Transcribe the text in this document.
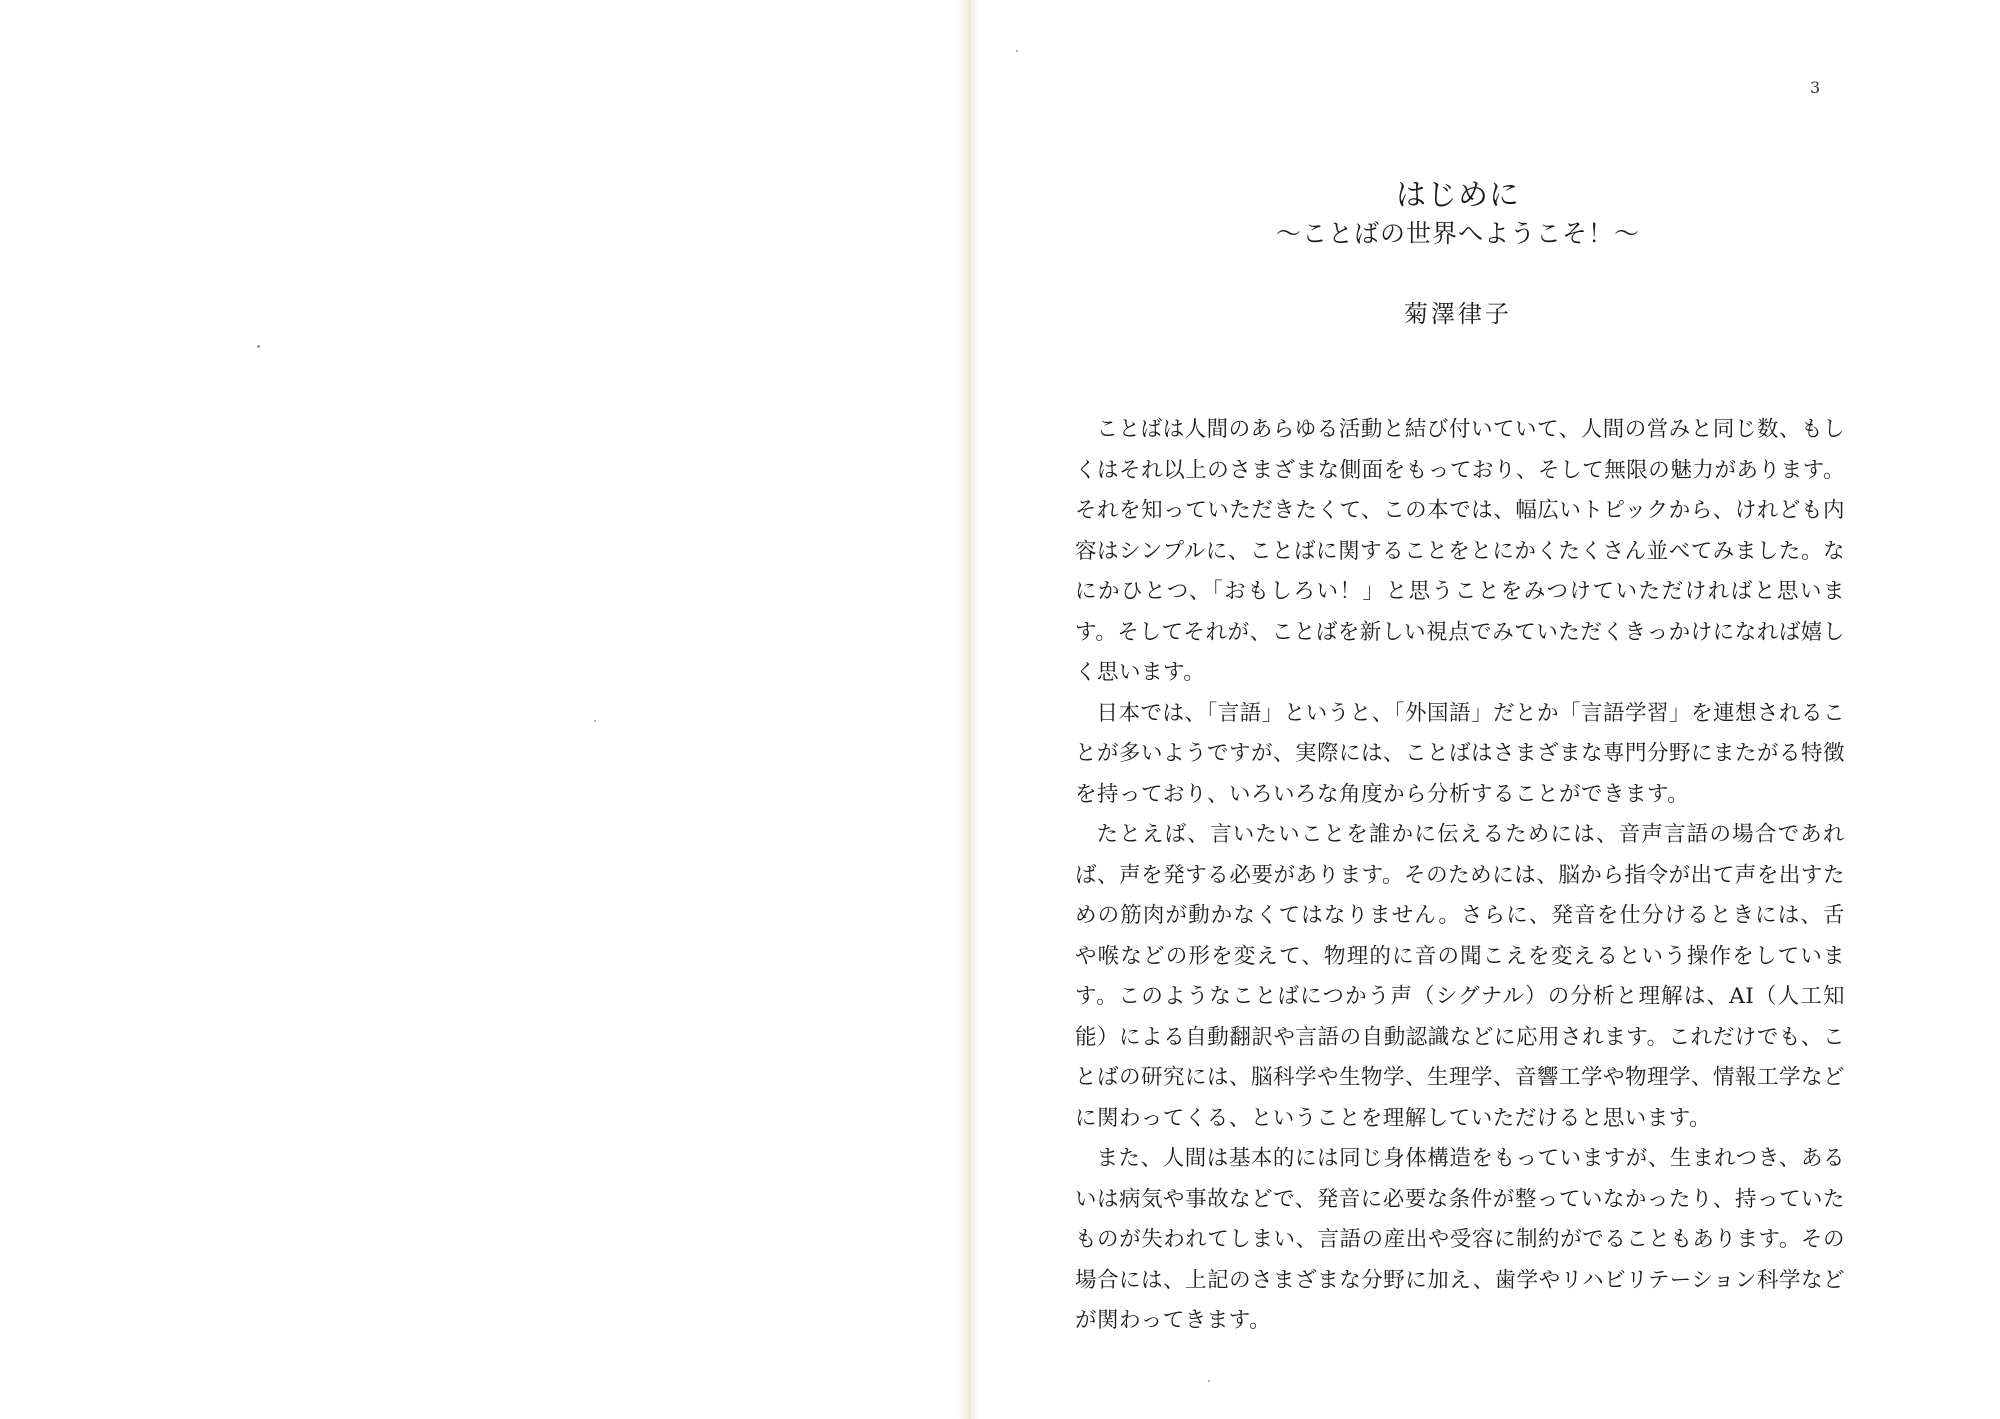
3
はじめに
～ことばの世界へようこそ！～
菊澤律子

ことばは人間のあらゆる活動と結び付いていて、人間の営みと同じ数、もしくはそれ以上のさまざまな側面をもっており、そして無限の魅力があります。それを知っていただきたくて、この本では、幅広いトピックから、けれども内容はシンプルに、ことばに関することをとにかくたくさん並べてみました。なにかひとつ、「おもしろい！」と思うことをみつけていただければと思います。そしてそれが、ことばを新しい視点でみていただくきっかけになれば嬉しく思います。

日本では、「言語」というと、「外国語」だとか「言語学習」を連想されることが多いようですが、実際には、ことばはさまざまな専門分野にまたがる特徴を持っており、いろいろな角度から分析することができます。

たとえば、言いたいことを誰かに伝えるためには、音声言語の場合であれば、声を発する必要があります。そのためには、脳から指令が出て声を出すための筋肉が動かなくてはなりません。さらに、発音を仕分けるときには、舌や喉などの形を変えて、物理的に音の聞こえを変えるという操作をしています。このようなことばにつかう声（シグナル）の分析と理解は、AI（人工知能）による自動翻訳や言語の自動認識などに応用されます。これだけでも、ことばの研究には、脳科学や生物学、生理学、音響工学や物理学、情報工学などに関わってくる、ということを理解していただけると思います。

また、人間は基本的には同じ身体構造をもっていますが、生まれつき、あるいは病気や事故などで、発音に必要な条件が整っていなかったり、持っていたものが失われてしまい、言語の産出や受容に制約がでることもあります。その場合には、上記のさまざまな分野に加え、歯学やリハビリテーション科学などが関わってきます。
